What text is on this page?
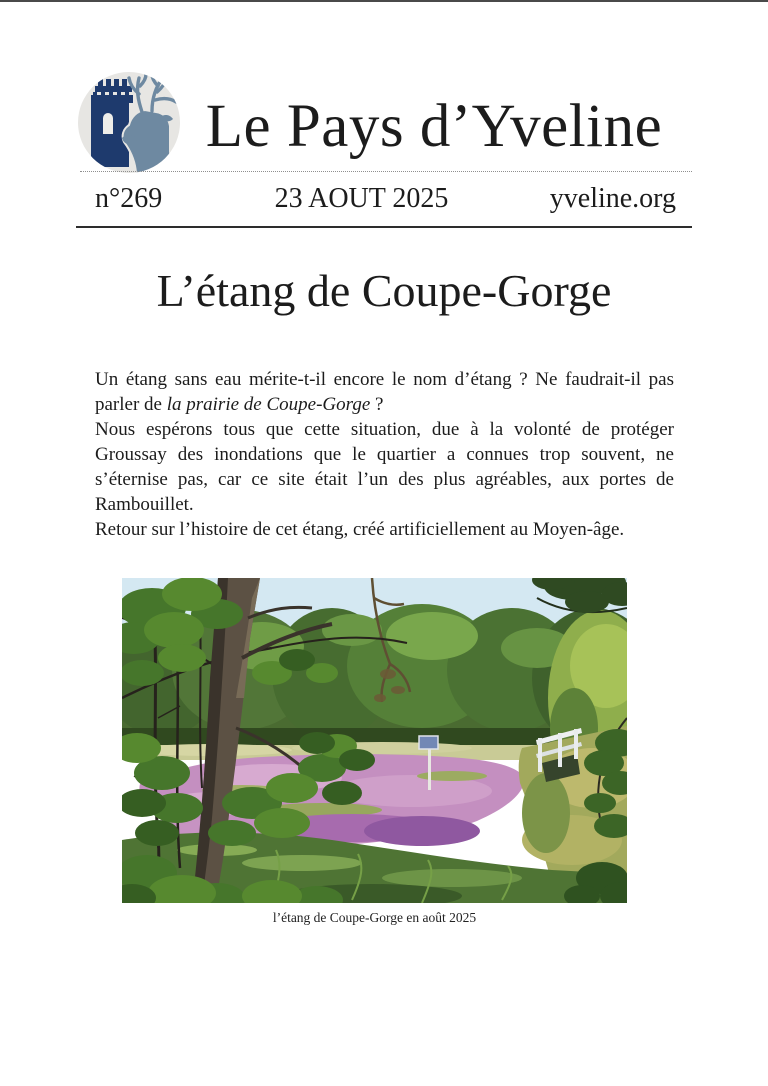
Le Pays d’Yveline
n°269	23 AOUT 2025	yveline.org
L’étang de Coupe-Gorge

Un étang sans eau mérite-t-il encore le nom d’étang ? Ne faudrait-il pas parler de la prairie de Coupe-Gorge ?

Nous espérons tous que cette situation, due à la volonté de protéger Groussay des inondations que le quartier a connues trop souvent, ne s’éternise pas, car ce site était l’un des plus agréables, aux portes de Rambouillet.

Retour sur l’histoire de cet étang, créé artificiellement au Moyen-âge.

l’étang de Coupe-Gorge en août 2025
